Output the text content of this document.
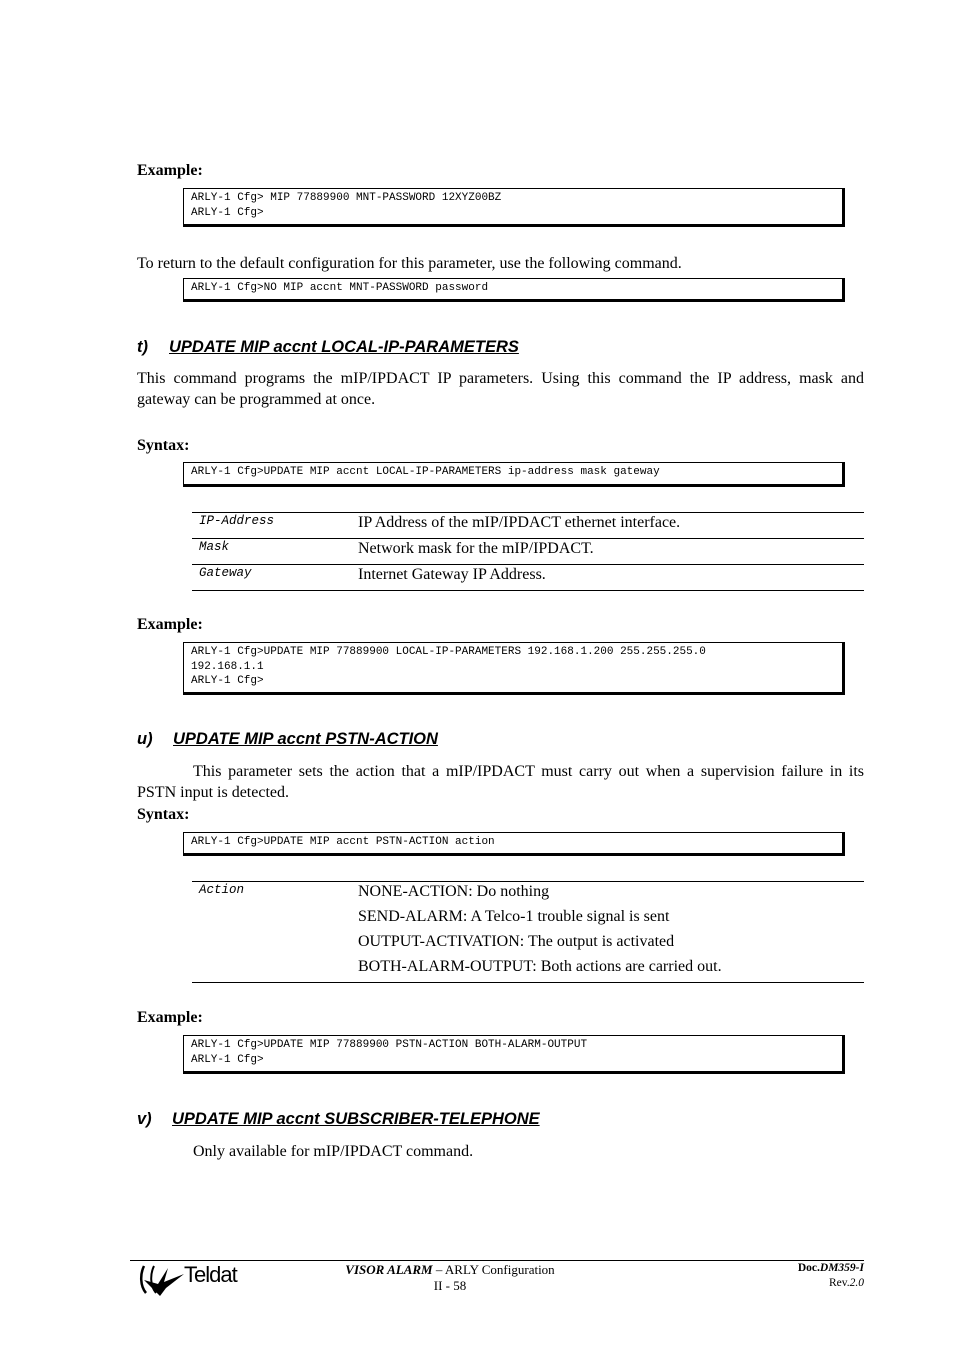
Example:
ARLY-1 Cfg> MIP 77889900 MNT-PASSWORD 12XYZ00BZ
ARLY-1 Cfg>
To return to the default configuration for this parameter, use the following command.
ARLY-1 Cfg>NO MIP accnt MNT-PASSWORD password
t) UPDATE MIP accnt LOCAL-IP-PARAMETERS
This command programs the mIP/IPDACT IP parameters. Using this command the IP address, mask and gateway can be programmed at once.
Syntax:
ARLY-1 Cfg>UPDATE MIP accnt LOCAL-IP-PARAMETERS ip-address mask gateway
IP-Address	IP Address of the mIP/IPDACT ethernet interface.
Mask	Network mask for the mIP/IPDACT.
Gateway	Internet Gateway IP Address.
Example:
ARLY-1 Cfg>UPDATE MIP 77889900 LOCAL-IP-PARAMETERS 192.168.1.200 255.255.255.0
192.168.1.1
ARLY-1 Cfg>
u) UPDATE MIP accnt PSTN-ACTION
This parameter sets the action that a mIP/IPDACT must carry out when a supervision failure in its PSTN input is detected.
Syntax:
ARLY-1 Cfg>UPDATE MIP accnt PSTN-ACTION action
Action	NONE-ACTION: Do nothing
SEND-ALARM: A Telco-1 trouble signal is sent
OUTPUT-ACTIVATION: The output is activated
BOTH-ALARM-OUTPUT: Both actions are carried out.
Example:
ARLY-1 Cfg>UPDATE MIP 77889900 PSTN-ACTION BOTH-ALARM-OUTPUT
ARLY-1 Cfg>
v) UPDATE MIP accnt SUBSCRIBER-TELEPHONE
Only available for mIP/IPDACT command.
Teldat	VISOR ALARM – ARLY Configuration
II - 58
Doc.DM359-I
Rev.2.0
